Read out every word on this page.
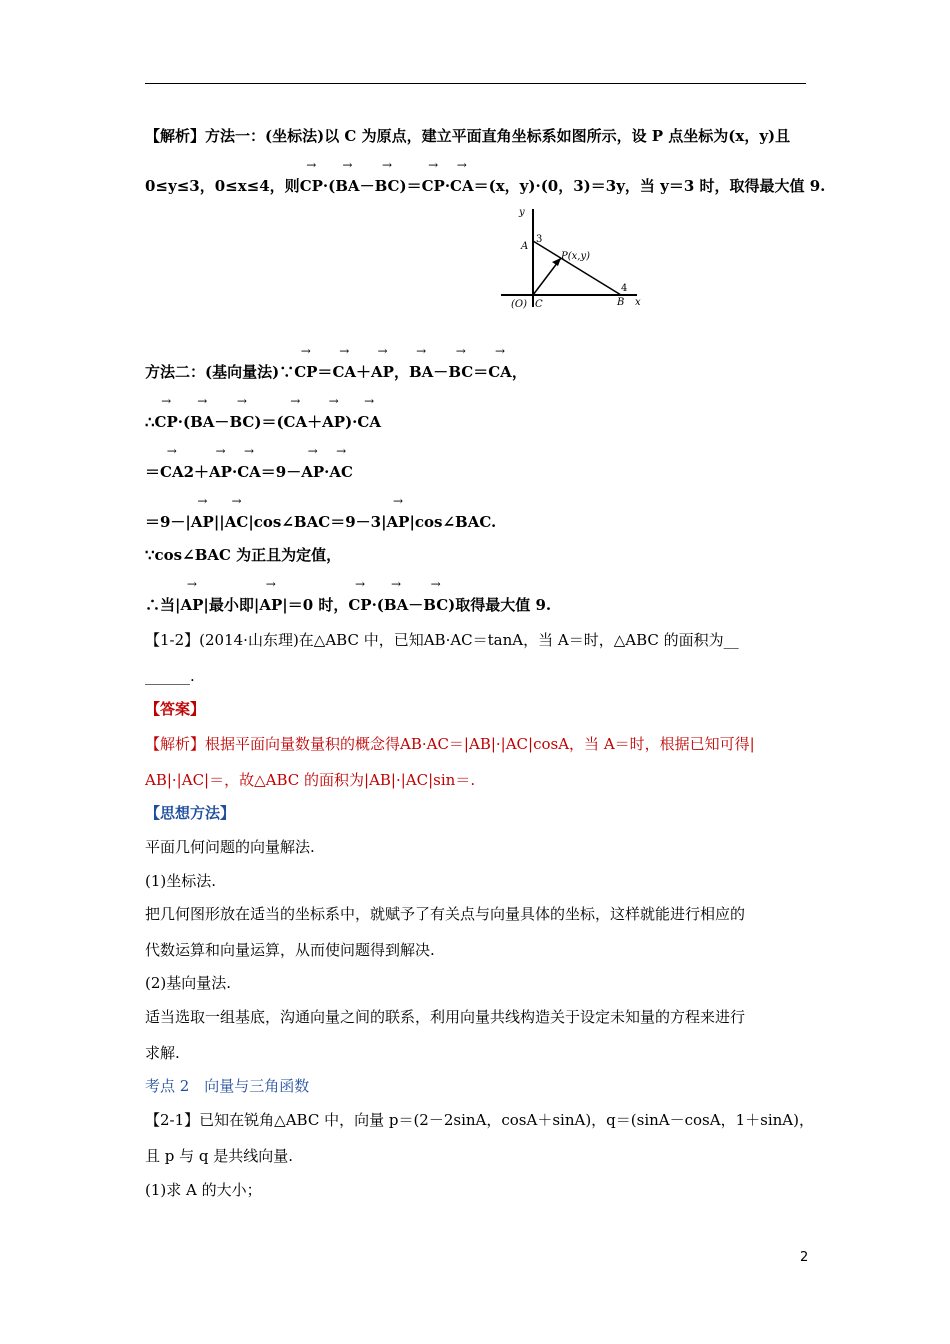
【解析】方法一：(坐标法)以 C 为原点，建立平面直角坐标系如图所示，设 P 点坐标为(x，y)且
0≤y≤3，0≤x≤4，则→ CP·(→ BA－→ BC)＝→ CP·→ CA＝(x，y)·(0，3)＝3y，当 y＝3 时，取得最大值 9.
y
x
A
3
P(x,y)
4
B
(O) C
方法二：(基向量法)∵→ CP＝→ CA＋→ AP，→ BA－→ BC＝→ CA，
∴→ CP·(→ BA－→ BC)＝(→ CA＋→ AP)·→ CA
＝→ CA2＋→ AP·→ CA＝9－→ AP·→ AC
＝9－|→ AP||→ AC|cos∠BAC＝9－3|→ AP|cos∠BAC.
∵cos∠BAC 为正且为定值，
∴当|→ AP|最小即|→ AP|＝0 时，→ CP·(→ BA－→ BC)取得最大值 9.
【1-2】(2014·山东理)在△ABC 中，已知AB·AC＝tanA，当 A＝时，△ABC 的面积为__
______.
【答案】
【解析】根据平面向量数量积的概念得AB·AC＝|AB|·|AC|cosA，当 A＝时，根据已知可得|
AB|·|AC|＝，故△ABC 的面积为|AB|·|AC|sin＝.
【思想方法】
平面几何问题的向量解法.
(1)坐标法.
把几何图形放在适当的坐标系中，就赋予了有关点与向量具体的坐标，这样就能进行相应的
代数运算和向量运算，从而使问题得到解决.
(2)基向量法.
适当选取一组基底，沟通向量之间的联系，利用向量共线构造关于设定未知量的方程来进行
求解.
考点 2　向量与三角函数
【2-1】已知在锐角△ABC 中，向量 p＝(2－2sinA，cosA＋sinA)，q＝(sinA－cosA，1＋sinA)，
且 p 与 q 是共线向量.
(1)求 A 的大小；
2
